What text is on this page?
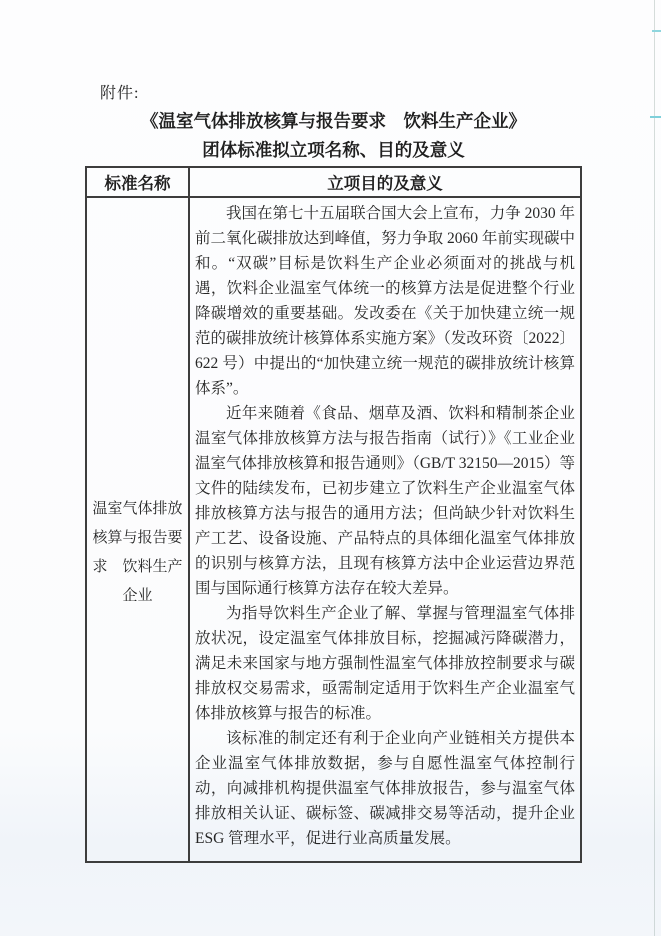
附件:
《温室气体排放核算与报告要求　饮料生产企业》
团体标准拟立项名称、目的及意义
标准名称	立项目的及意义

温室气体排放核算与报告要求　饮料生产企业	我国在第七十五届联合国大会上宣布，力争 2030 年前二氧化碳排放达到峰值，努力争取 2060 年前实现碳中和。“双碳”目标是饮料生产企业必须面对的挑战与机遇，饮料企业温室气体统一的核算方法是促进整个行业降碳增效的重要基础。发改委在《关于加快建立统一规范的碳排放统计核算体系实施方案》（发改环资〔2022〕622 号）中提出的“加快建立统一规范的碳排放统计核算体系”。

近年来随着《食品、烟草及酒、饮料和精制茶企业温室气体排放核算方法与报告指南（试行）》《工业企业温室气体排放核算和报告通则》（GB/T 32150—2015）等文件的陆续发布，已初步建立了饮料生产企业温室气体排放核算方法与报告的通用方法；但尚缺少针对饮料生产工艺、设备设施、产品特点的具体细化温室气体排放的识别与核算方法，且现有核算方法中企业运营边界范围与国际通行核算方法存在较大差异。

为指导饮料生产企业了解、掌握与管理温室气体排放状况，设定温室气体排放目标，挖掘减污降碳潜力，满足未来国家与地方强制性温室气体排放控制要求与碳排放权交易需求，亟需制定适用于饮料生产企业温室气体排放核算与报告的标准。

该标准的制定还有利于企业向产业链相关方提供本企业温室气体排放数据，参与自愿性温室气体控制行动，向减排机构提供温室气体排放报告，参与温室气体排放相关认证、碳标签、碳减排交易等活动，提升企业 ESG 管理水平，促进行业高质量发展。
